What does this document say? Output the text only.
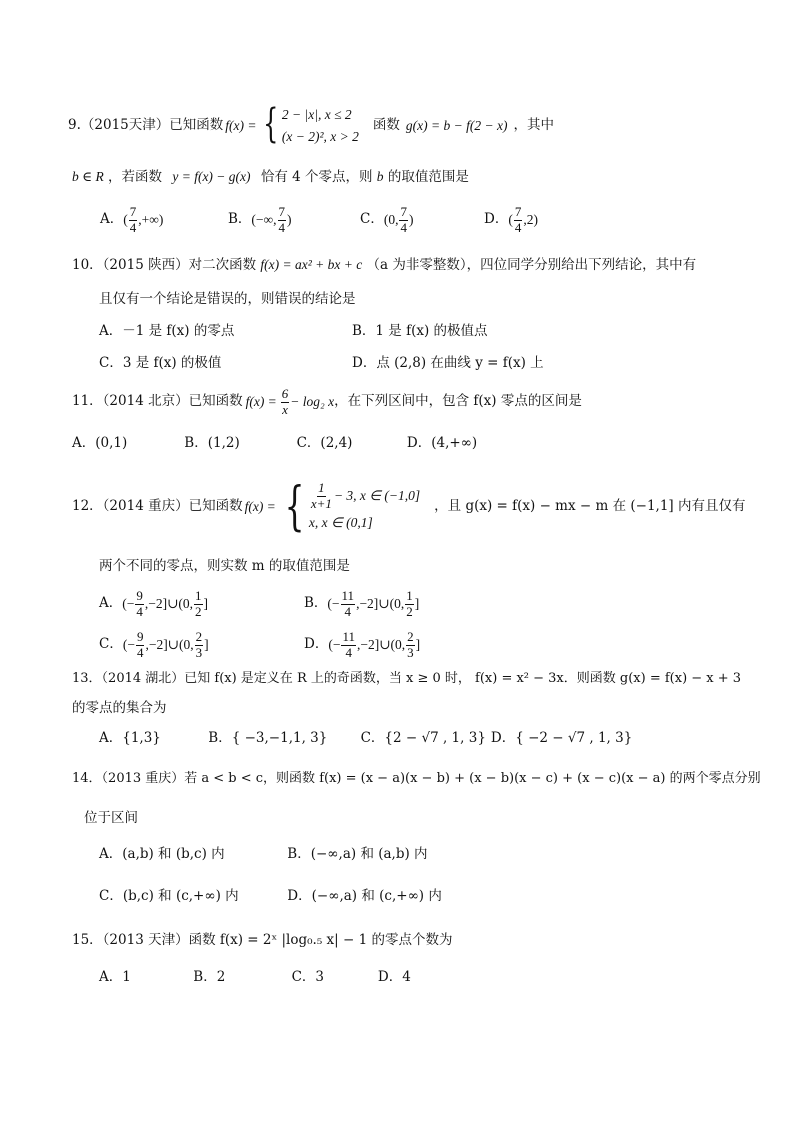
9. （2015天津） 已知函数 f(x) = { 2 − |x|, x ≤ 2
(x − 2)², x > 2
函数 g(x) = b − f(2 − x) ，其中
b ∈ R ，若函数 y = f(x) − g(x) 恰有 4 个零点，则 b 的取值范围是
A． ( $\frac{7}{4}$ ,+∞)	B． (−∞, $\frac{7}{4}$ )	C． (0, $\frac{7}{4}$ )	D． ( $\frac{7}{4} ,2$)
10．（2015 陕西）对二次函数 f(x) = ax² + bx + c （a 为非零整数），四位同学分别给出下列结论，其中有
且仅有一个结论是错误的，则错误的结论是
A．－1 是 f(x) 的零点	B．1 是 f(x) 的极值点
C．3 是 f(x) 的极值	D．点 (2,8) 在曲线 y = f(x) 上
11．（2014 北京）已知函数 $f(x) = \frac{6}{x} - \log_2$ x ，在下列区间中，包含 f(x) 零点的区间是
A．(0,1)	B．(1,2)	C．(2,4)	D．(4,+∞)
12．（2014 重庆）已知函数 f(x) = { $\frac{1}{x+1} - 3$, x ∈ (−1,0]
x, x ∈ (0,1]
，且 g(x) = f(x) − mx − m 在 (−1,1] 内有且仅有
两个不同的零点，则实数 m 的取值范围是
A． (− $\frac{9}{4}$ ,−2]∪(0, $\frac{1}{2}$ ]	B． (− $\frac{11}{4}$ ,−2]∪(0, $\frac{1}{2}$ ]
C． (− $\frac{9}{4}$ ,−2]∪(0, $\frac{2}{3}$ ]	D． (− $\frac{11}{4}$ ,−2]∪(0, $\frac{2}{3}$ ]
13．（2014 湖北）已知 f(x) 是定义在 R 上的奇函数，当 x ≥ 0 时， f(x) = x² − 3x．则函数 g(x) = f(x) − x + 3
的零点的集合为
A．{1,3}	B．{ −3,−1,1, 3} C．{2 − √7 , 1, 3} D．{ −2 − √7 , 1, 3}
14．（2013 重庆）若 a < b < c，则函数 f(x) = (x − a)(x − b) + (x − b)(x − c) + (x − c)(x − a) 的两个零点分别
位于区间
A．(a,b) 和 (b,c) 内	B．(−∞,a) 和 (a,b) 内
C．(b,c) 和 (c,+∞) 内	D．(−∞,a) 和 (c,+∞) 内
15．（2013 天津）函数 f(x) = 2ˣ |log₀.₅ x| − 1 的零点个数为
A．1	B．2	C．3	D．4
